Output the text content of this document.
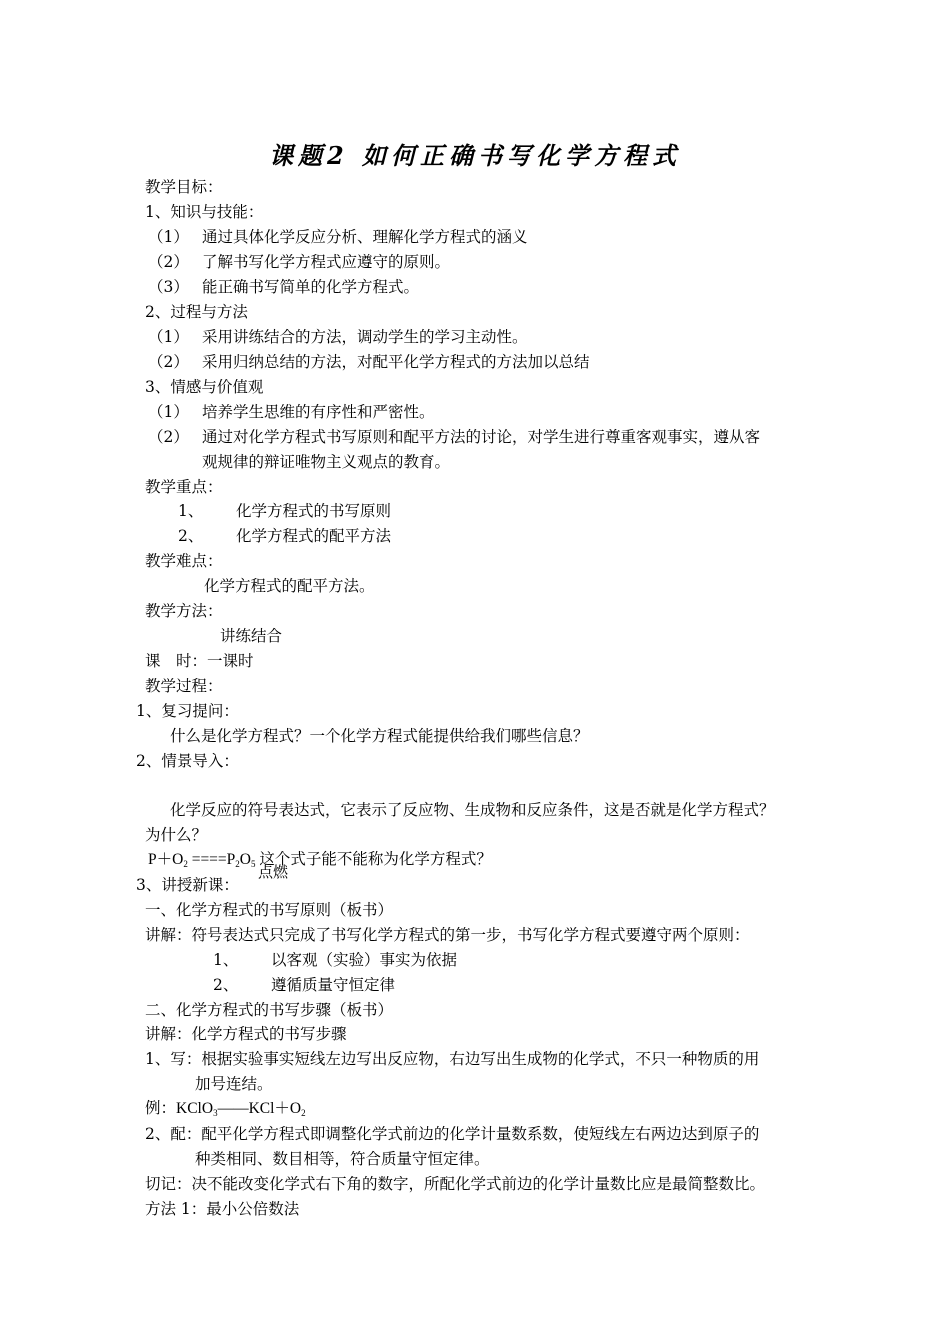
课题2 如何正确书写化学方程式
教学目标：
1、知识与技能：
（1） 通过具体化学反应分析、理解化学方程式的涵义
（2） 了解书写化学方程式应遵守的原则。
（3） 能正确书写简单的化学方程式。
2、过程与方法
（1） 采用讲练结合的方法，调动学生的学习主动性。
（2） 采用归纳总结的方法，对配平化学方程式的方法加以总结
3、情感与价值观
（1） 培养学生思维的有序性和严密性。
（2） 通过对化学方程式书写原则和配平方法的讨论，对学生进行尊重客观事实，遵从客
观规律的辩证唯物主义观点的教育。
教学重点：
1、 化学方程式的书写原则
2、 化学方程式的配平方法
教学难点：
化学方程式的配平方法。
教学方法：
讲练结合
课　时：一课时
教学过程：
1、复习提问：
什么是化学方程式？一个化学方程式能提供给我们哪些信息？
2、情景导入：
化学反应的符号表达式，它表示了反应物、生成物和反应条件，这是否就是化学方程式？
为什么？
$P+O_2 ====P_2O_5$ 这个式子能不能称为化学方程式？
点燃
3、讲授新课：
一、化学方程式的书写原则（板书）
讲解：符号表达式只完成了书写化学方程式的第一步，书写化学方程式要遵守两个原则：
1、 以客观（实验）事实为依据
2、 遵循质量守恒定律
二、化学方程式的书写步骤（板书）
讲解：化学方程式的书写步骤
1、写：根据实验事实短线左边写出反应物，右边写出生成物的化学式，不只一种物质的用
加号连结。
例：$KClO_3——KCl+O_2$
2、配：配平化学方程式即调整化学式前边的化学计量数系数，使短线左右两边达到原子的
种类相同、数目相等，符合质量守恒定律。
切记：决不能改变化学式右下角的数字，所配化学式前边的化学计量数比应是最简整数比。
方法 1：最小公倍数法
